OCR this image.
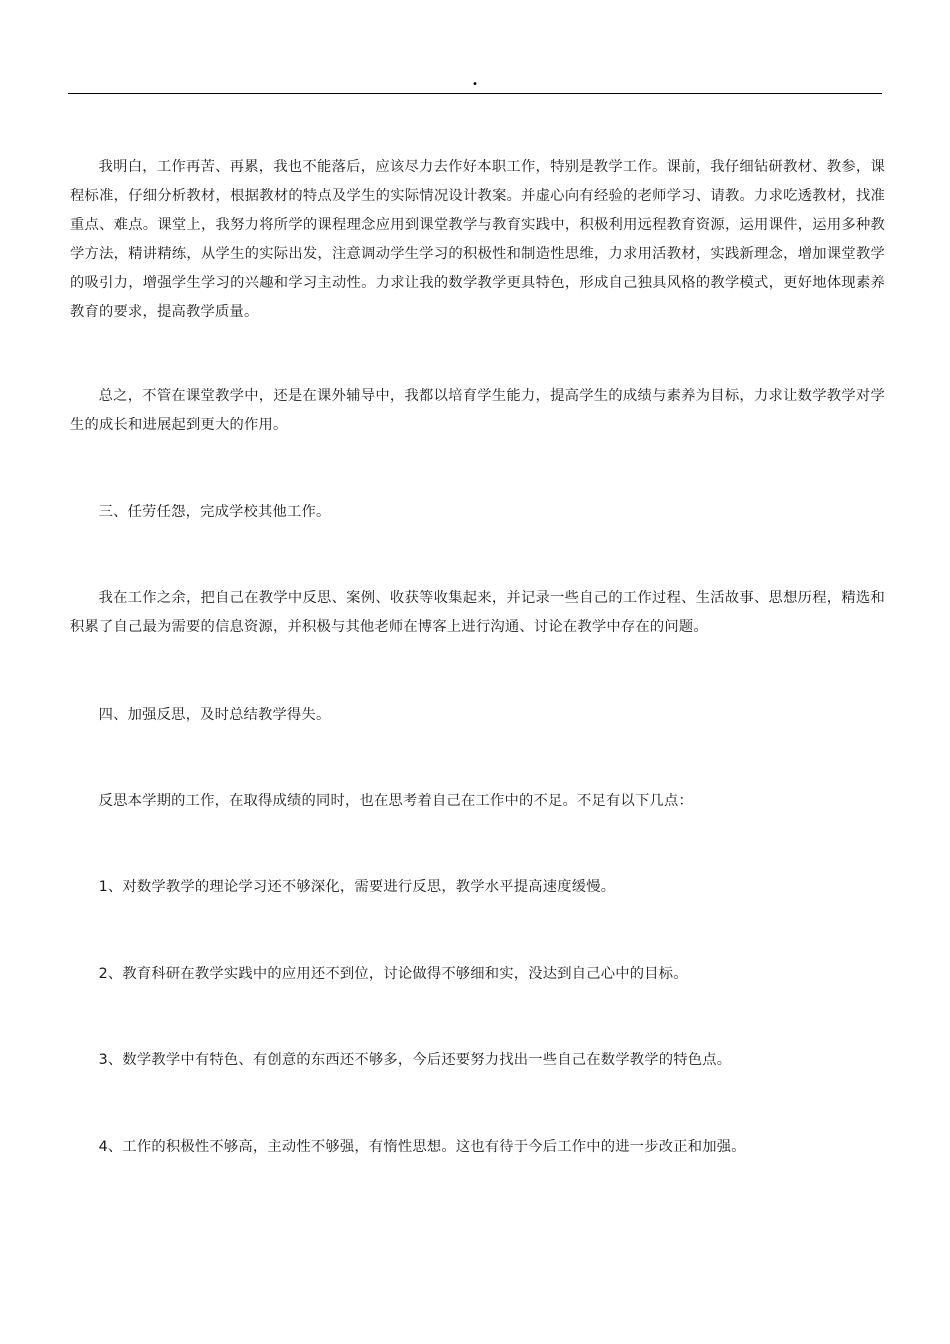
.

我明白，工作再苦、再累，我也不能落后，应该尽力去作好本职工作，特别是教学工作。课前，我仔细钻研教材、教参，课程标准，仔细分析教材，根据教材的特点及学生的实际情况设计教案。并虚心向有经验的老师学习、请教。力求吃透教材，找准重点、难点。课堂上，我努力将所学的课程理念应用到课堂教学与教育实践中，积极利用远程教育资源，运用课件，运用多种教学方法，精讲精练，从学生的实际出发，注意调动学生学习的积极性和制造性思维，力求用活教材，实践新理念，增加课堂教学的吸引力，增强学生学习的兴趣和学习主动性。力求让我的数学教学更具特色，形成自己独具风格的教学模式，更好地体现素养教育的要求，提高教学质量。

总之，不管在课堂教学中，还是在课外辅导中，我都以培育学生能力，提高学生的成绩与素养为目标，力求让数学教学对学生的成长和进展起到更大的作用。

三、任劳任怨，完成学校其他工作。

我在工作之余，把自己在教学中反思、案例、收获等收集起来，并记录一些自己的工作过程、生活故事、思想历程，精选和积累了自己最为需要的信息资源，并积极与其他老师在博客上进行沟通、讨论在教学中存在的问题。

四、加强反思，及时总结教学得失。

反思本学期的工作，在取得成绩的同时，也在思考着自己在工作中的不足。不足有以下几点：

1、对数学教学的理论学习还不够深化，需要进行反思，教学水平提高速度缓慢。

2、教育科研在教学实践中的应用还不到位，讨论做得不够细和实，没达到自己心中的目标。

3、数学教学中有特色、有创意的东西还不够多，今后还要努力找出一些自己在数学教学的特色点。

4、工作的积极性不够高，主动性不够强，有惰性思想。这也有待于今后工作中的进一步改正和加强。
